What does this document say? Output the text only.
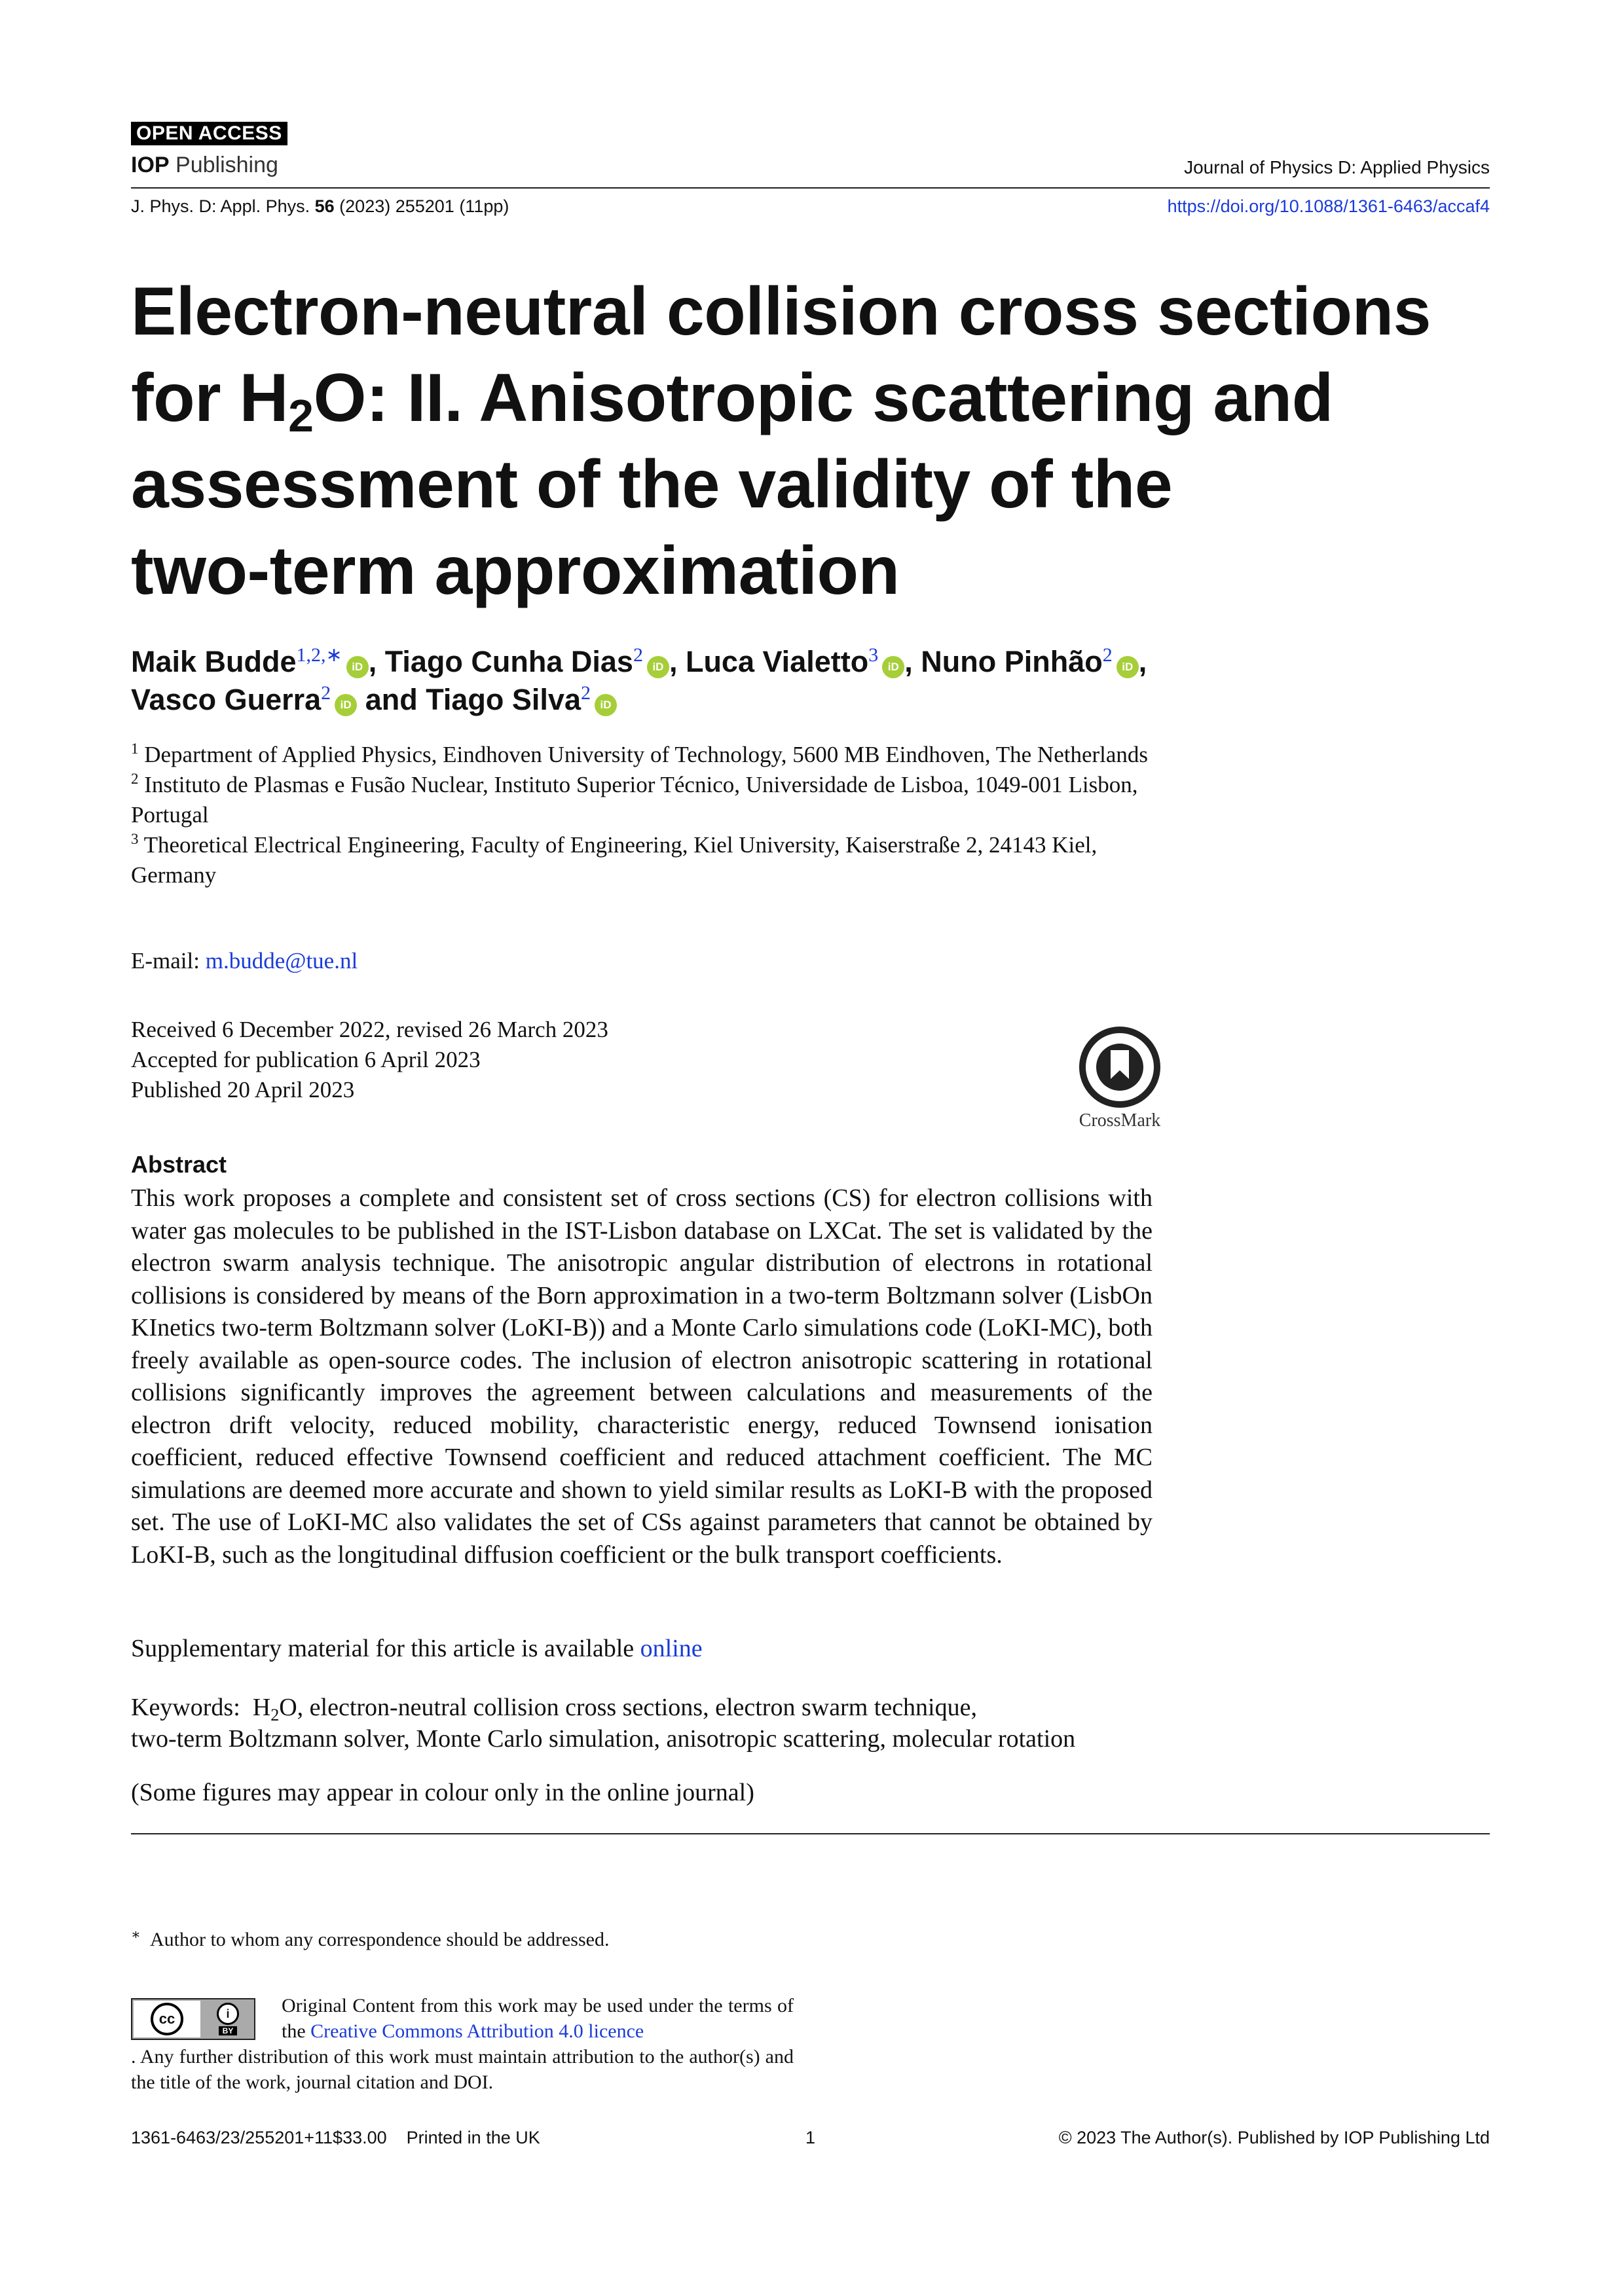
OPEN ACCESS
IOP Publishing	Journal of Physics D: Applied Physics
J. Phys. D: Appl. Phys. 56 (2023) 255201 (11pp)	https://doi.org/10.1088/1361-6463/accaf4
Electron-neutral collision cross sections
for $H_2O$: II. Anisotropic scattering and
assessment of the validity of the
two-term approximation
Maik Budde$^{1,2,∗}$iD , Tiago Cunha Dias$^2$iD , Luca Vialetto$^3$iD , Nuno Pinhão$^2$iD ,
Vasco Guerra$^2$iD and Tiago Silva$^2$iD
$^1$ Department of Applied Physics, Eindhoven University of Technology, 5600 MB Eindhoven, The Netherlands
$^2$ Instituto de Plasmas e Fusão Nuclear, Instituto Superior Técnico, Universidade de Lisboa, 1049-001 Lisbon, Portugal
$^3$ Theoretical Electrical Engineering, Faculty of Engineering, Kiel University, Kaiserstraße 2, 24143 Kiel, Germany
E-mail: m.budde@tue.nl
Received 6 December 2022, revised 26 March 2023
Accepted for publication 6 April 2023
Published 20 April 2023
CrossMark
Abstract
This work proposes a complete and consistent set of cross sections (CS) for electron collisions with water gas molecules to be published in the IST-Lisbon database on LXCat. The set is validated by the electron swarm analysis technique. The anisotropic angular distribution of electrons in rotational collisions is considered by means of the Born approximation in a two-term Boltzmann solver (LisbOn KInetics two-term Boltzmann solver (LoKI-B)) and a Monte Carlo simulations code (LoKI-MC), both freely available as open-source codes. The inclusion of electron anisotropic scattering in rotational collisions significantly improves the agreement between calculations and measurements of the electron drift velocity, reduced mobility, characteristic energy, reduced Townsend ionisation coefficient, reduced effective Townsend coefficient and reduced attachment coefficient. The MC simulations are deemed more accurate and shown to yield similar results as LoKI-B with the proposed set. The use of LoKI-MC also validates the set of CSs against parameters that cannot be obtained by LoKI-B, such as the longitudinal diffusion coefficient or the bulk transport coefficients.
Supplementary material for this article is available online
Keywords: $H_2O$, electron-neutral collision cross sections, electron swarm technique,
two-term Boltzmann solver, Monte Carlo simulation, anisotropic scattering, molecular rotation
(Some figures may appear in colour only in the online journal)
∗ Author to whom any correspondence should be addressed.
cc	i
BY
Original Content from this work may be used under the terms of the Creative Commons Attribution 4.0 licence
. Any further distribution of this work must maintain attribution to the author(s) and the title of the work, journal citation and DOI.
1361-6463/23/255201+11$33.00    Printed in the UK	1	© 2023 The Author(s). Published by IOP Publishing Ltd
